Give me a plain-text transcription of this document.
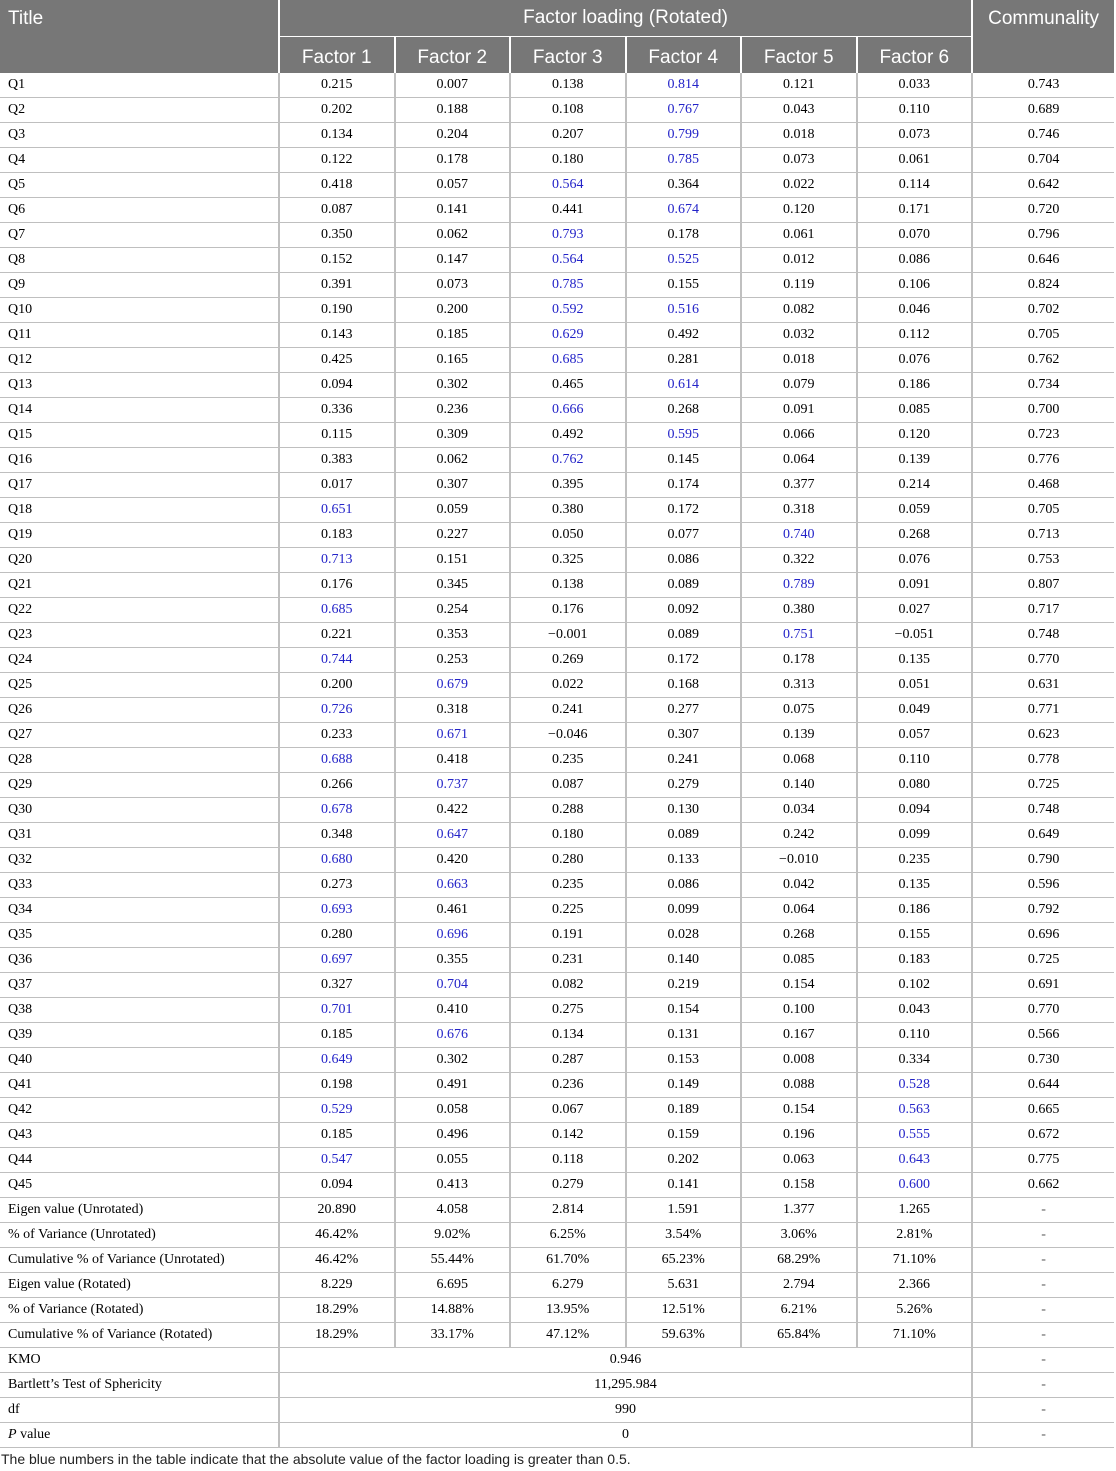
Title	Factor loading (Rotated)						Communality
	Factor 1	Factor 2	Factor 3	Factor 4	Factor 5	Factor 6	
Q1	0.215	0.007	0.138	0.814	0.121	0.033	0.743
Q2	0.202	0.188	0.108	0.767	0.043	0.110	0.689
Q3	0.134	0.204	0.207	0.799	0.018	0.073	0.746
Q4	0.122	0.178	0.180	0.785	0.073	0.061	0.704
Q5	0.418	0.057	0.564	0.364	0.022	0.114	0.642
Q6	0.087	0.141	0.441	0.674	0.120	0.171	0.720
Q7	0.350	0.062	0.793	0.178	0.061	0.070	0.796
Q8	0.152	0.147	0.564	0.525	0.012	0.086	0.646
Q9	0.391	0.073	0.785	0.155	0.119	0.106	0.824
Q10	0.190	0.200	0.592	0.516	0.082	0.046	0.702
Q11	0.143	0.185	0.629	0.492	0.032	0.112	0.705
Q12	0.425	0.165	0.685	0.281	0.018	0.076	0.762
Q13	0.094	0.302	0.465	0.614	0.079	0.186	0.734
Q14	0.336	0.236	0.666	0.268	0.091	0.085	0.700
Q15	0.115	0.309	0.492	0.595	0.066	0.120	0.723
Q16	0.383	0.062	0.762	0.145	0.064	0.139	0.776
Q17	0.017	0.307	0.395	0.174	0.377	0.214	0.468
Q18	0.651	0.059	0.380	0.172	0.318	0.059	0.705
Q19	0.183	0.227	0.050	0.077	0.740	0.268	0.713
Q20	0.713	0.151	0.325	0.086	0.322	0.076	0.753
Q21	0.176	0.345	0.138	0.089	0.789	0.091	0.807
Q22	0.685	0.254	0.176	0.092	0.380	0.027	0.717
Q23	0.221	0.353	−0.001	0.089	0.751	−0.051	0.748
Q24	0.744	0.253	0.269	0.172	0.178	0.135	0.770
Q25	0.200	0.679	0.022	0.168	0.313	0.051	0.631
Q26	0.726	0.318	0.241	0.277	0.075	0.049	0.771
Q27	0.233	0.671	−0.046	0.307	0.139	0.057	0.623
Q28	0.688	0.418	0.235	0.241	0.068	0.110	0.778
Q29	0.266	0.737	0.087	0.279	0.140	0.080	0.725
Q30	0.678	0.422	0.288	0.130	0.034	0.094	0.748
Q31	0.348	0.647	0.180	0.089	0.242	0.099	0.649
Q32	0.680	0.420	0.280	0.133	−0.010	0.235	0.790
Q33	0.273	0.663	0.235	0.086	0.042	0.135	0.596
Q34	0.693	0.461	0.225	0.099	0.064	0.186	0.792
Q35	0.280	0.696	0.191	0.028	0.268	0.155	0.696
Q36	0.697	0.355	0.231	0.140	0.085	0.183	0.725
Q37	0.327	0.704	0.082	0.219	0.154	0.102	0.691
Q38	0.701	0.410	0.275	0.154	0.100	0.043	0.770
Q39	0.185	0.676	0.134	0.131	0.167	0.110	0.566
Q40	0.649	0.302	0.287	0.153	0.008	0.334	0.730
Q41	0.198	0.491	0.236	0.149	0.088	0.528	0.644
Q42	0.529	0.058	0.067	0.189	0.154	0.563	0.665
Q43	0.185	0.496	0.142	0.159	0.196	0.555	0.672
Q44	0.547	0.055	0.118	0.202	0.063	0.643	0.775
Q45	0.094	0.413	0.279	0.141	0.158	0.600	0.662
Eigen value (Unrotated)	20.890	4.058	2.814	1.591	1.377	1.265	-
% of Variance (Unrotated)	46.42%	9.02%	6.25%	3.54%	3.06%	2.81%	-
Cumulative % of Variance (Unrotated)	46.42%	55.44%	61.70%	65.23%	68.29%	71.10%	-
Eigen value (Rotated)	8.229	6.695	6.279	5.631	2.794	2.366	-
% of Variance (Rotated)	18.29%	14.88%	13.95%	12.51%	6.21%	5.26%	-
Cumulative % of Variance (Rotated)	18.29%	33.17%	47.12%	59.63%	65.84%	71.10%	-
KMO	0.946						-
Bartlett’s Test of Sphericity	11,295.984						-
df	990						-
P value	0						-
The blue numbers in the table indicate that the absolute value of the factor loading is greater than 0.5.
